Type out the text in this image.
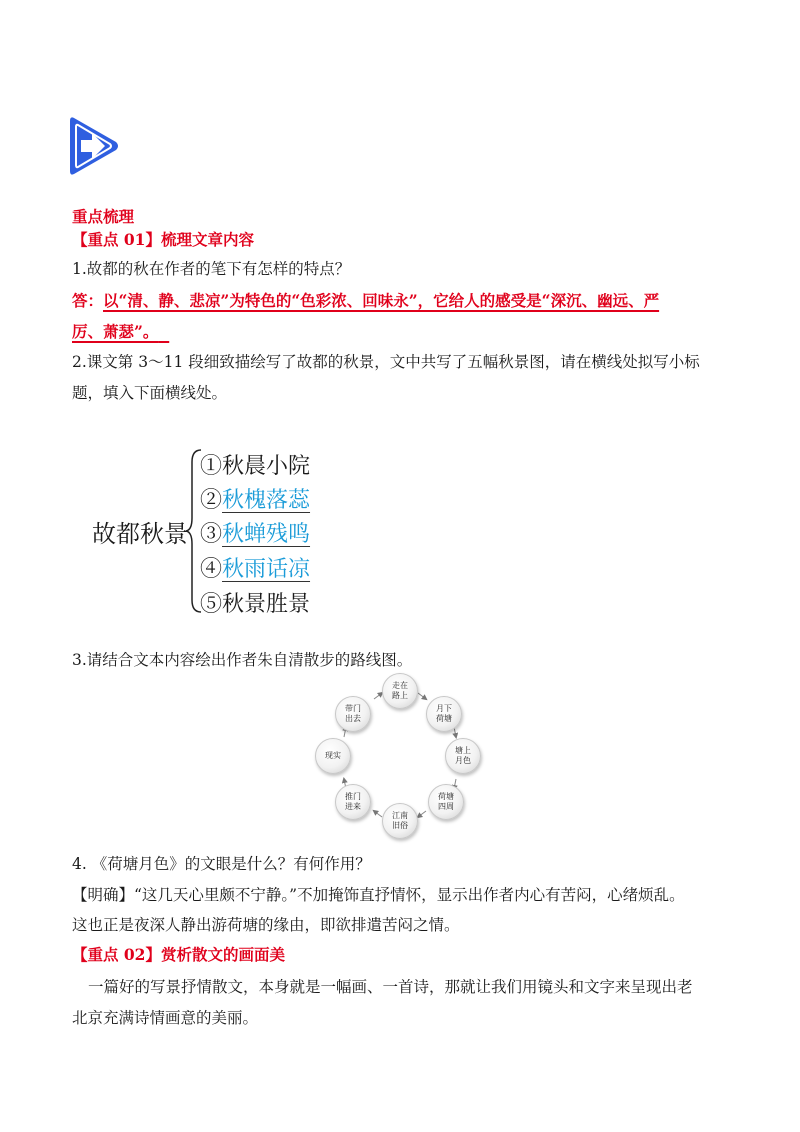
重点梳理
【重点 01】梳理文章内容
1.故都的秋在作者的笔下有怎样的特点？
答：以“清、静、悲凉”为特色的“色彩浓、回味永”，它给人的感受是“深沉、幽远、严
厉、萧瑟”。
2.课文第 3～11 段细致描绘写了故都的秋景，文中共写了五幅秋景图，请在横线处拟写小标
题，填入下面横线处。
故都秋景
①秋晨小院
②秋槐落蕊
③秋蝉残鸣
④秋雨话凉
⑤秋景胜景
3.请结合文本内容绘出作者朱自清散步的路线图。
走在
路上
月下
荷塘
塘上
月色
荷塘
四周
江南
旧俗
推门
进来
现实
带门
出去
4. 《荷塘月色》的文眼是什么？有何作用？
【明确】“这几天心里颇不宁静。”不加掩饰直抒情怀，显示出作者内心有苦闷，心绪烦乱。
这也正是夜深人静出游荷塘的缘由，即欲排遣苦闷之情。
【重点 02】赏析散文的画面美
一篇好的写景抒情散文，本身就是一幅画、一首诗，那就让我们用镜头和文字来呈现出老
北京充满诗情画意的美丽。
